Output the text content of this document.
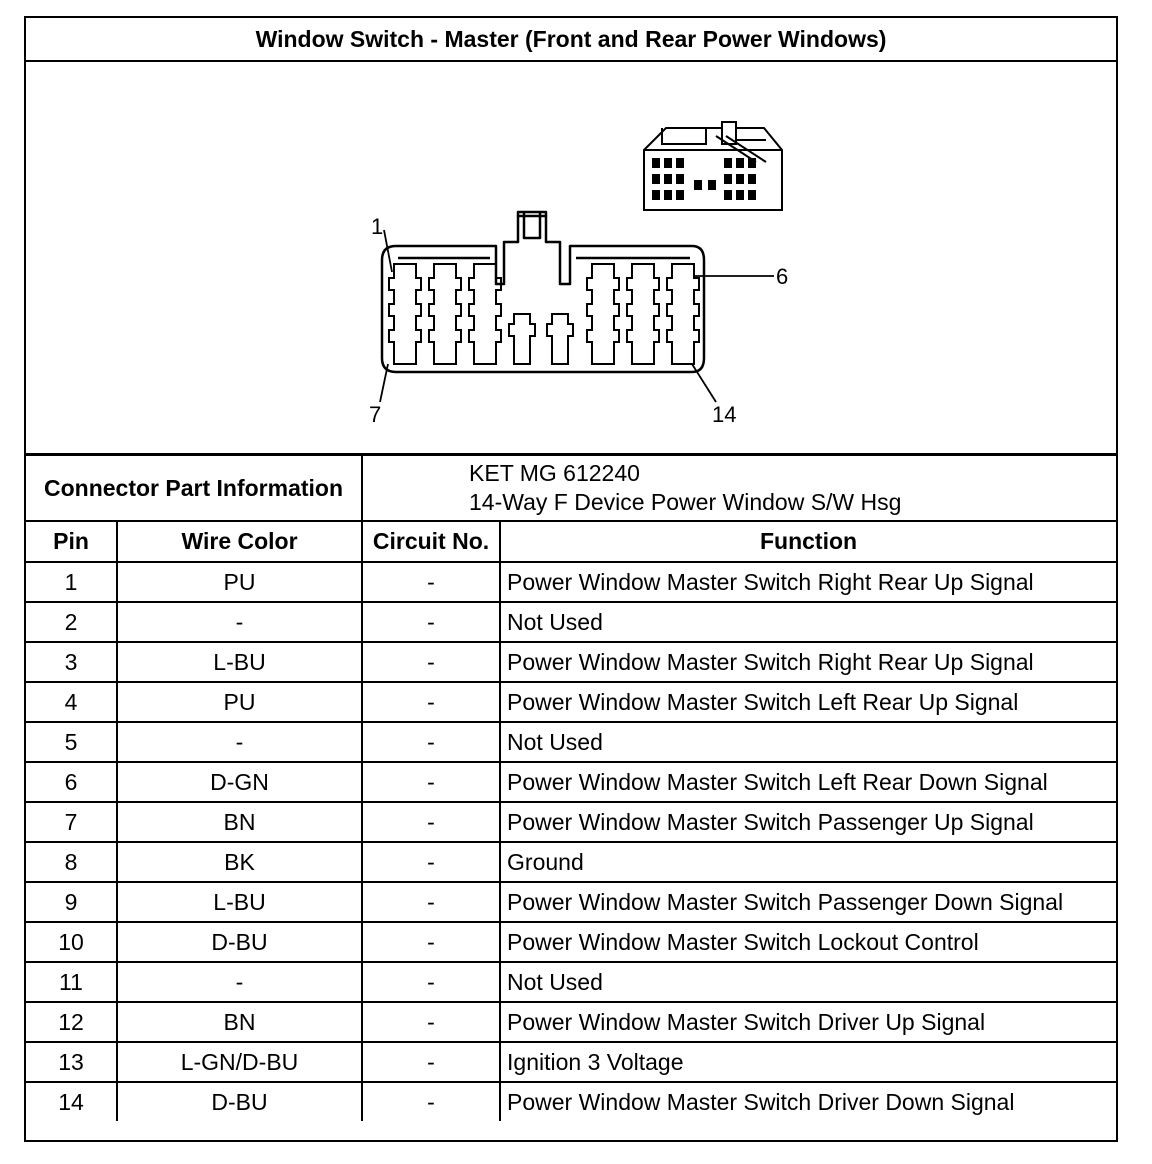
Window Switch - Master (Front and Rear Power Windows)
1
6
7	14
Connector Part Information		KET MG 612240
14-Way F Device Power Window S/W Hsg	

Pin	Wire Color	Circuit No.	Function
1	PU	-	Power Window Master Switch Right Rear Up Signal
2	-	-	Not Used
3	L-BU	-	Power Window Master Switch Right Rear Up Signal
4	PU	-	Power Window Master Switch Left Rear Up Signal
5	-	-	Not Used
6	D-GN	-	Power Window Master Switch Left Rear Down Signal
7	BN	-	Power Window Master Switch Passenger Up Signal
8	BK	-	Ground
9	L-BU	-	Power Window Master Switch Passenger Down Signal
10	D-BU	-	Power Window Master Switch Lockout Control
11	-	-	Not Used
12	BN	-	Power Window Master Switch Driver Up Signal
13	L-GN/D-BU	-	Ignition 3 Voltage
14	D-BU	-	Power Window Master Switch Driver Down Signal
